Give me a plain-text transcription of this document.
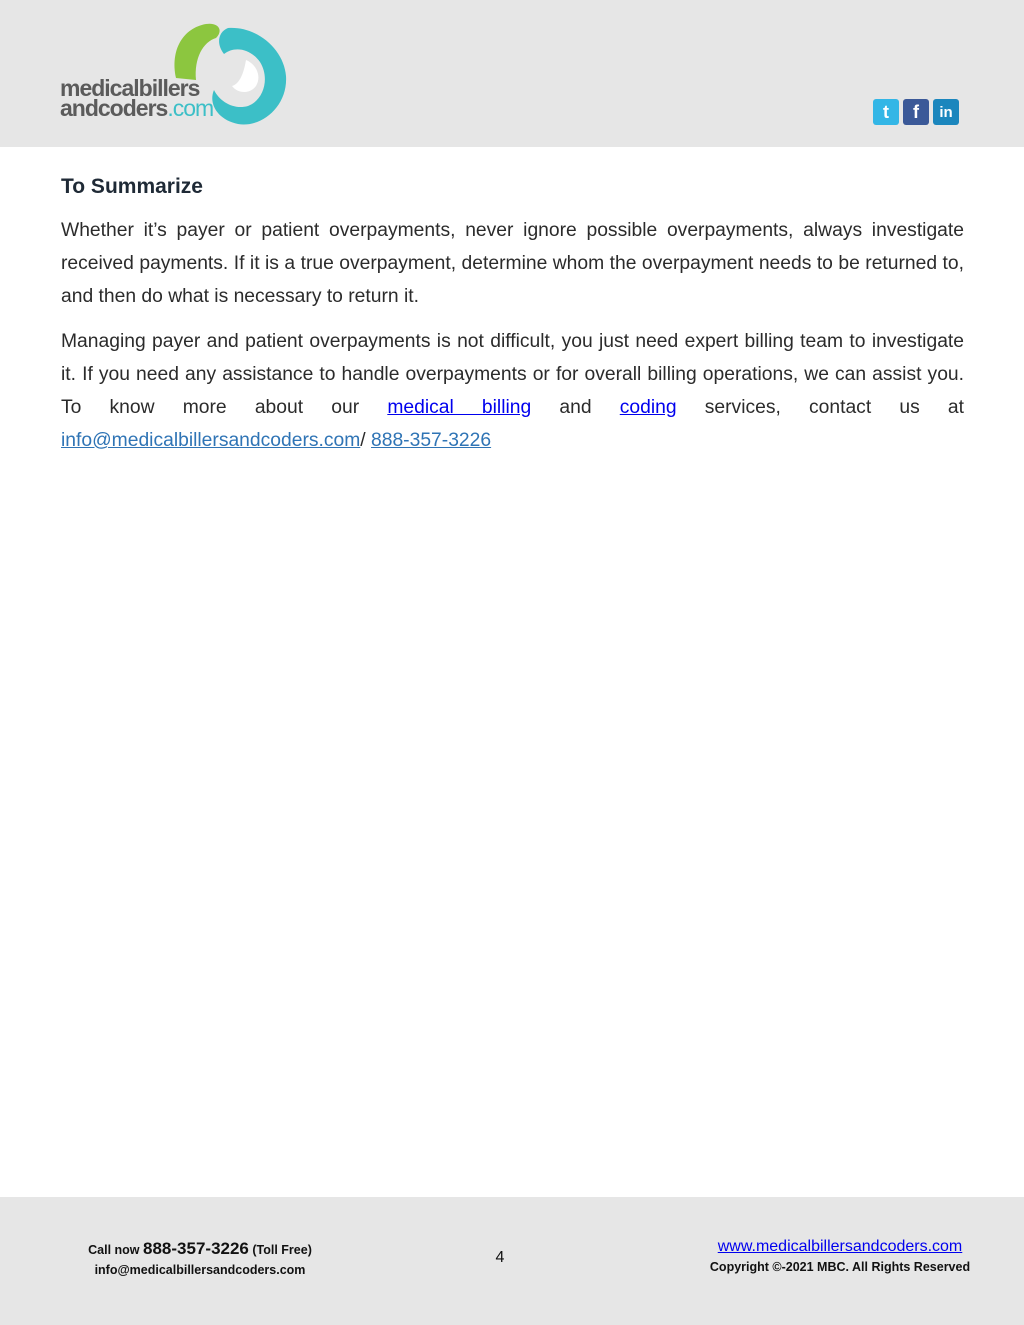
medicalbillers
andcoders.com	t	f	in
To Summarize

Whether it’s payer or patient overpayments, never ignore possible overpayments, always investigate received payments. If it is a true overpayment, determine whom the overpayment needs to be returned to, and then do what is necessary to return it.

Managing payer and patient overpayments is not difficult, you just need expert billing team to investigate it. If you need any assistance to handle overpayments or for overall billing operations, we can assist you. To know more about our medical billing and coding services, contact us at info@medicalbillersandcoders.com/ 888-357-3226

Call now 888-357-3226 (Toll Free)
info@medicalbillersandcoders.com
4
www.medicalbillersandcoders.com
Copyright ©-2021 MBC. All Rights Reserved
